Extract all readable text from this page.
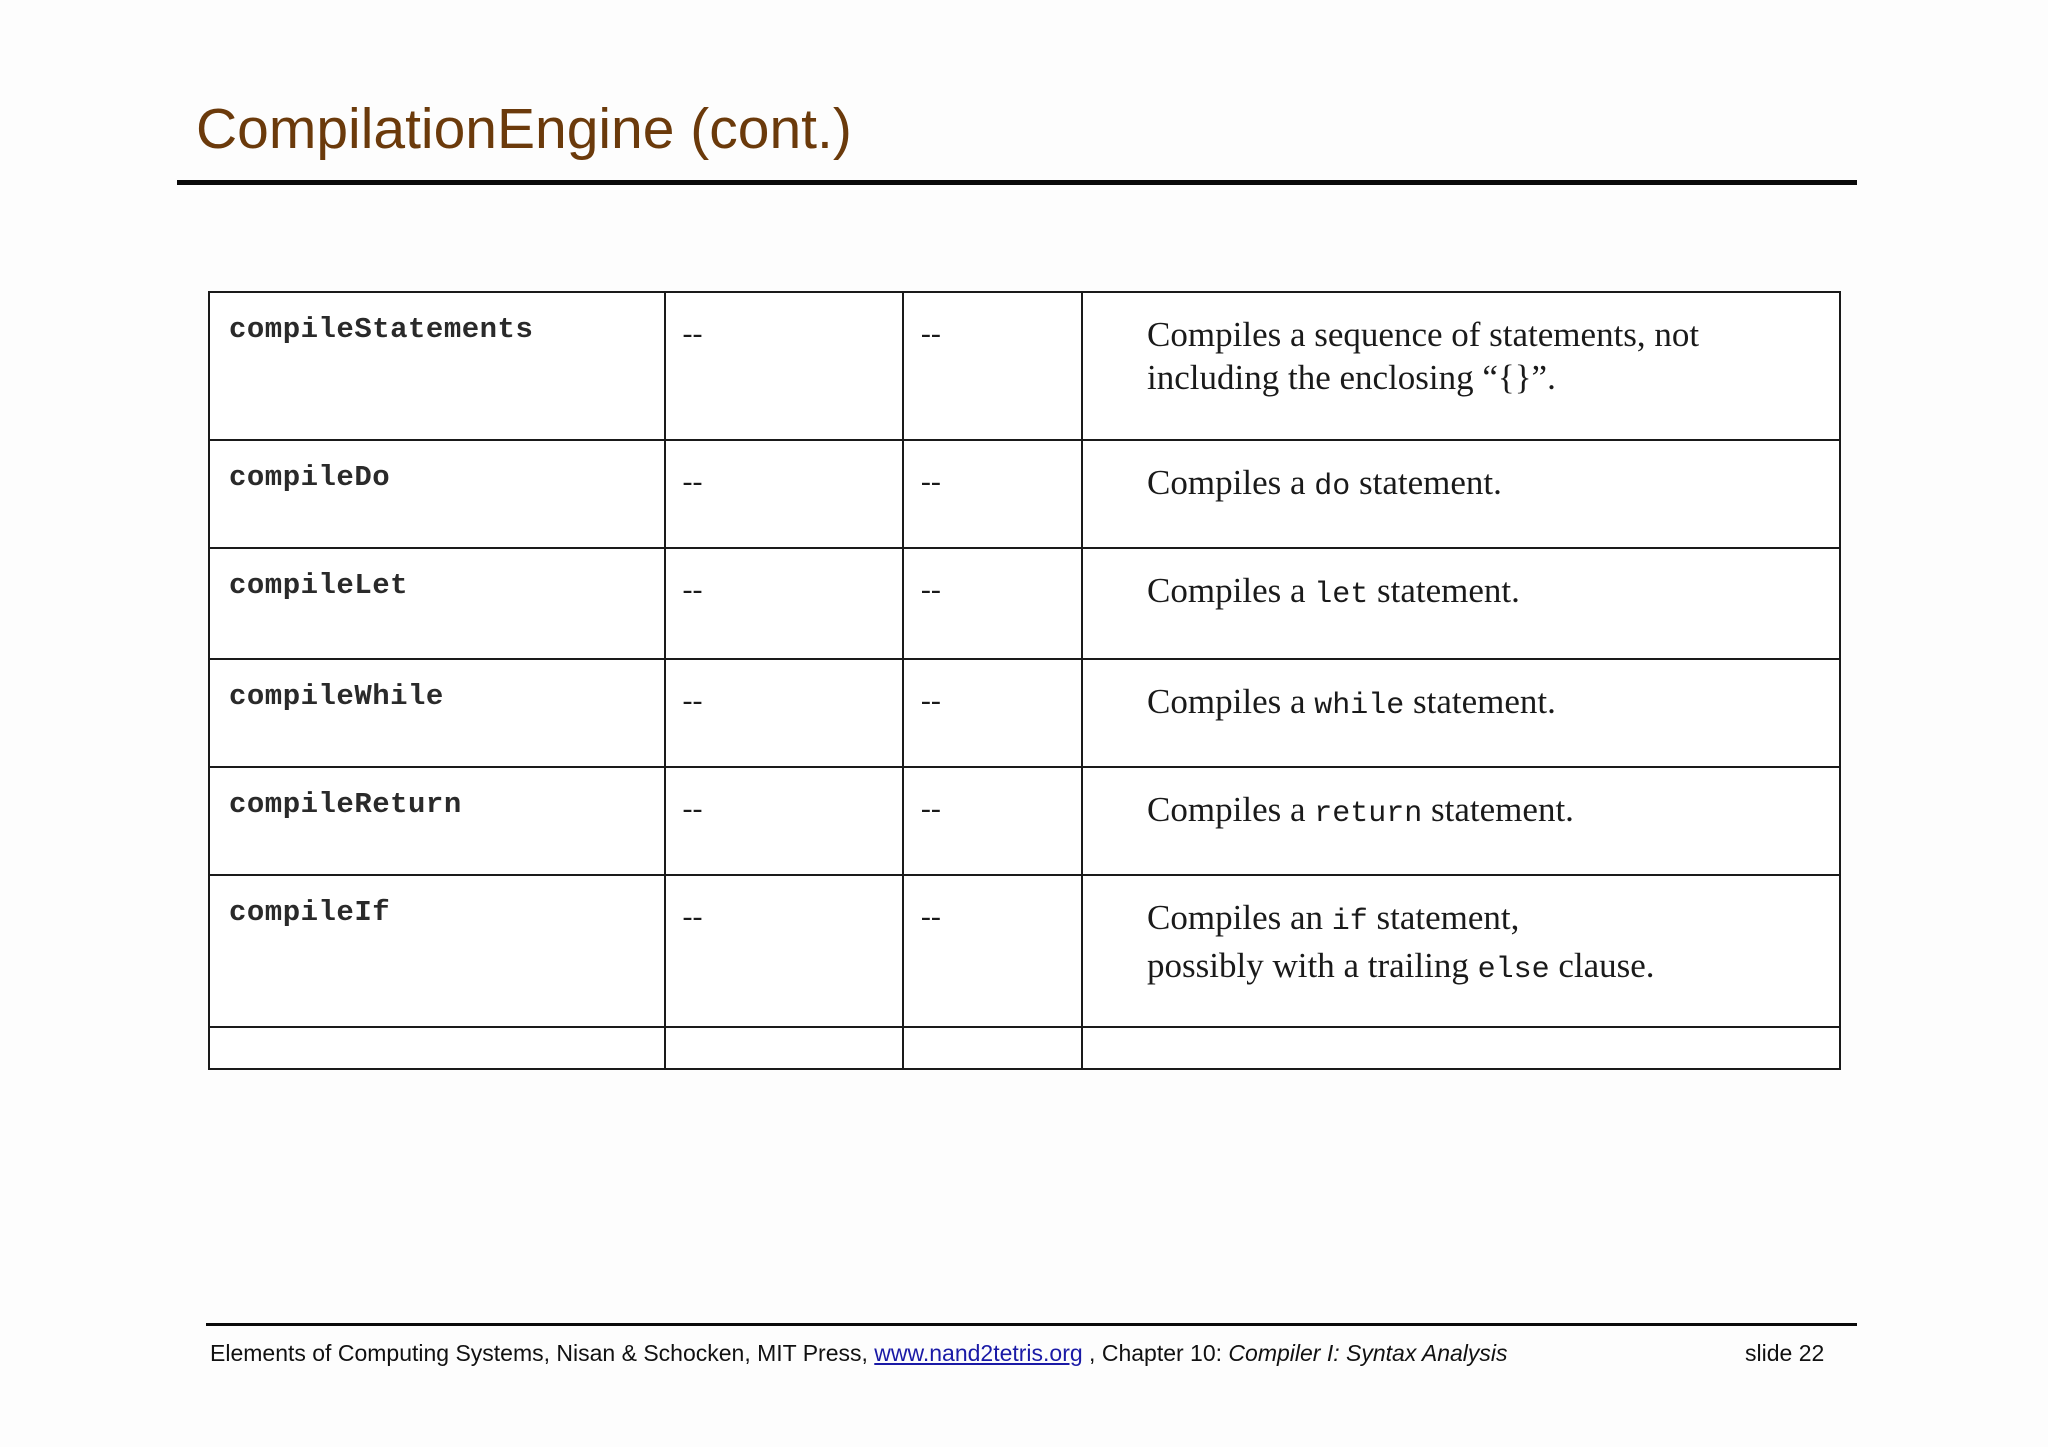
CompilationEngine (cont.)
compileStatements	--	--	Compiles a sequence of statements, not including the enclosing “{}”.
compileDo	--	--	Compiles a do statement.
compileLet	--	--	Compiles a let statement.
compileWhile	--	--	Compiles a while statement.
compileReturn	--	--	Compiles a return statement.
compileIf	--	--	Compiles an if statement,
possibly with a trailing else clause.

Elements of Computing Systems, Nisan & Schocken, MIT Press, www.nand2tetris.org , Chapter 10: Compiler I: Syntax Analysis	slide 22
